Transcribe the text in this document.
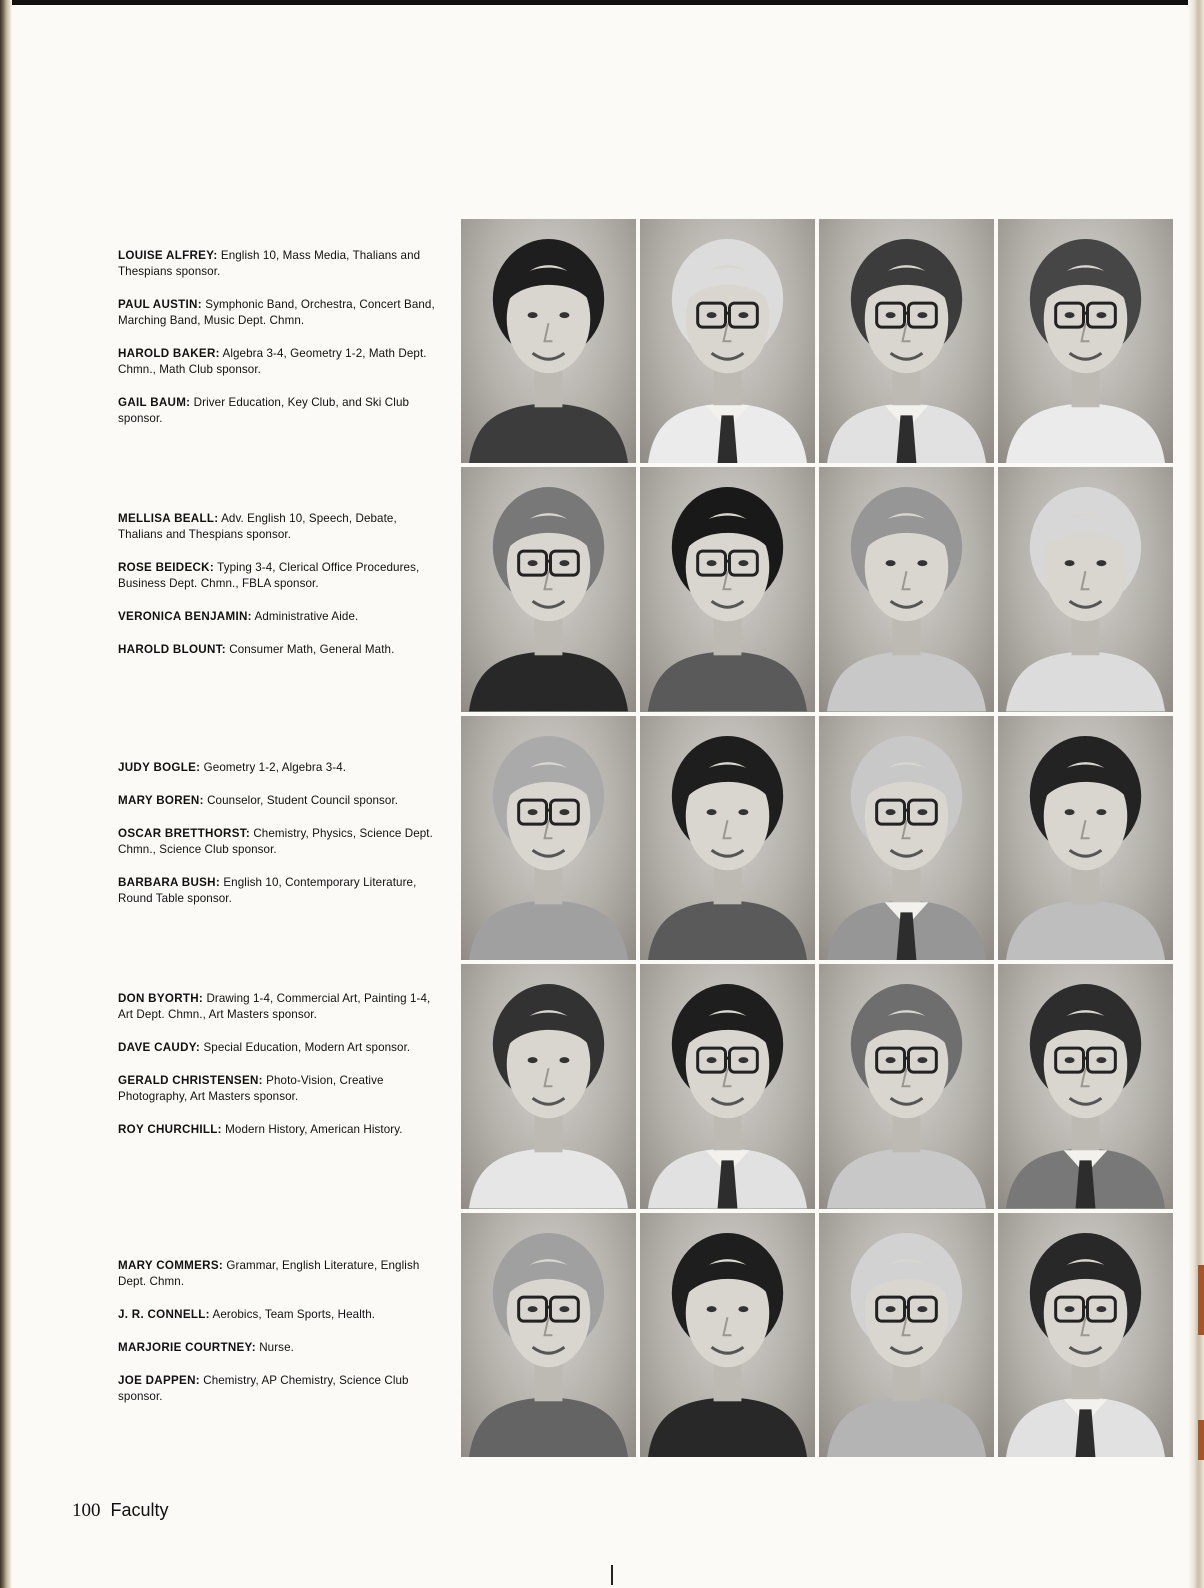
LOUISE ALFREY: English 10, Mass Media, Thalians and Thespians sponsor.

PAUL AUSTIN: Symphonic Band, Orchestra, Concert Band, Marching Band, Music Dept. Chmn.

HAROLD BAKER: Algebra 3-4, Geometry 1-2, Math Dept. Chmn., Math Club sponsor.

GAIL BAUM: Driver Education, Key Club, and Ski Club sponsor.

MELLISA BEALL: Adv. English 10, Speech, Debate, Thalians and Thespians sponsor.

ROSE BEIDECK: Typing 3-4, Clerical Office Procedures, Business Dept. Chmn., FBLA sponsor.

VERONICA BENJAMIN: Administrative Aide.

HAROLD BLOUNT: Consumer Math, General Math.

JUDY BOGLE: Geometry 1-2, Algebra 3-4.

MARY BOREN: Counselor, Student Council sponsor.

OSCAR BRETTHORST: Chemistry, Physics, Science Dept. Chmn., Science Club sponsor.

BARBARA BUSH: English 10, Contemporary Literature, Round Table sponsor.

DON BYORTH: Drawing 1-4, Commercial Art, Painting 1-4, Art Dept. Chmn., Art Masters sponsor.

DAVE CAUDY: Special Education, Modern Art sponsor.

GERALD CHRISTENSEN: Photo-Vision, Creative Photography, Art Masters sponsor.

ROY CHURCHILL: Modern History, American History.

MARY COMMERS: Grammar, English Literature, English Dept. Chmn.

J. R. CONNELL: Aerobics, Team Sports, Health.

MARJORIE COURTNEY: Nurse.

JOE DAPPEN: Chemistry, AP Chemistry, Science Club sponsor.

100 Faculty
